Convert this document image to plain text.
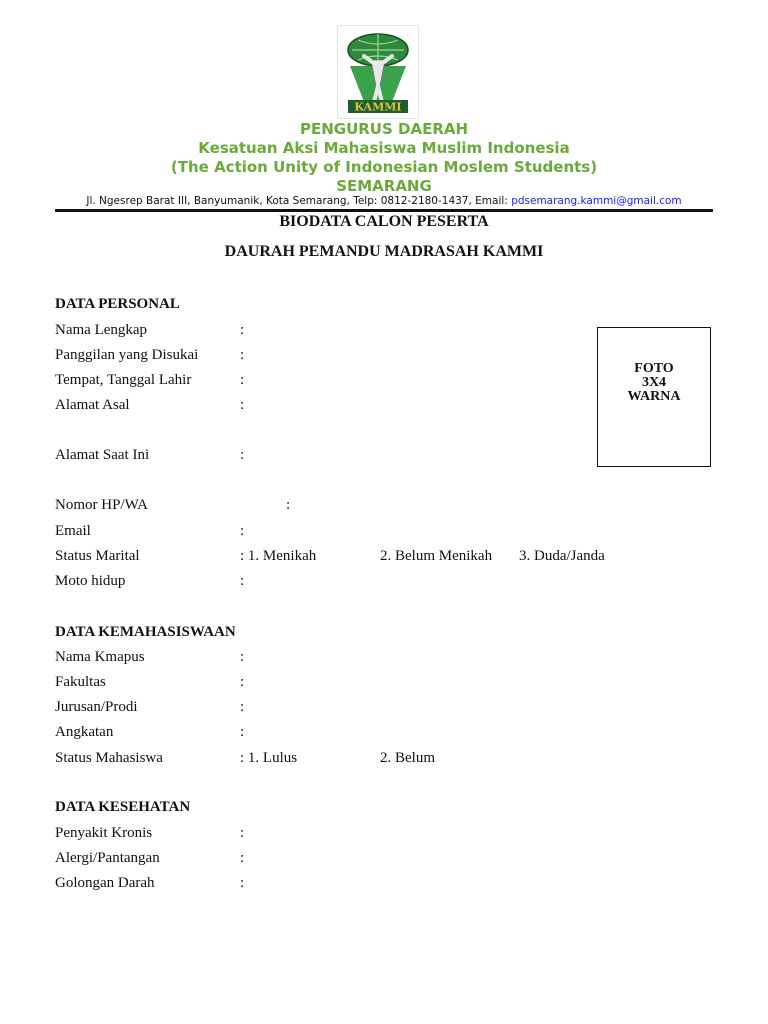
KAMMI
PENGURUS DAERAH
Kesatuan Aksi Mahasiswa Muslim Indonesia
(The Action Unity of Indonesian Moslem Students)
SEMARANG
Jl. Ngesrep Barat III, Banyumanik, Kota Semarang, Telp: 0812-2180-1437, Email: pdsemarang.kammi@gmail.com
BIODATA CALON PESERTA
DAURAH PEMANDU MADRASAH KAMMI
FOTO
3X4
WARNA
DATA PERSONAL
Nama Lengkap	:
Panggilan yang Disukai	:
Tempat, Tanggal Lahir	:
Alamat Asal	:
Alamat Saat Ini	:
Nomor HP/WA	:
Email	:
Status Marital	: 1. Menikah	2. Belum Menikah 3. Duda/Janda
Moto hidup	:
DATA KEMAHASISWAAN
Nama Kmapus	:
Fakultas	:
Jurusan/Prodi	:
Angkatan	:
Status Mahasiswa	: 1. Lulus	2. Belum
DATA KESEHATAN
Penyakit Kronis	:
Alergi/Pantangan	:
Golongan Darah	:
